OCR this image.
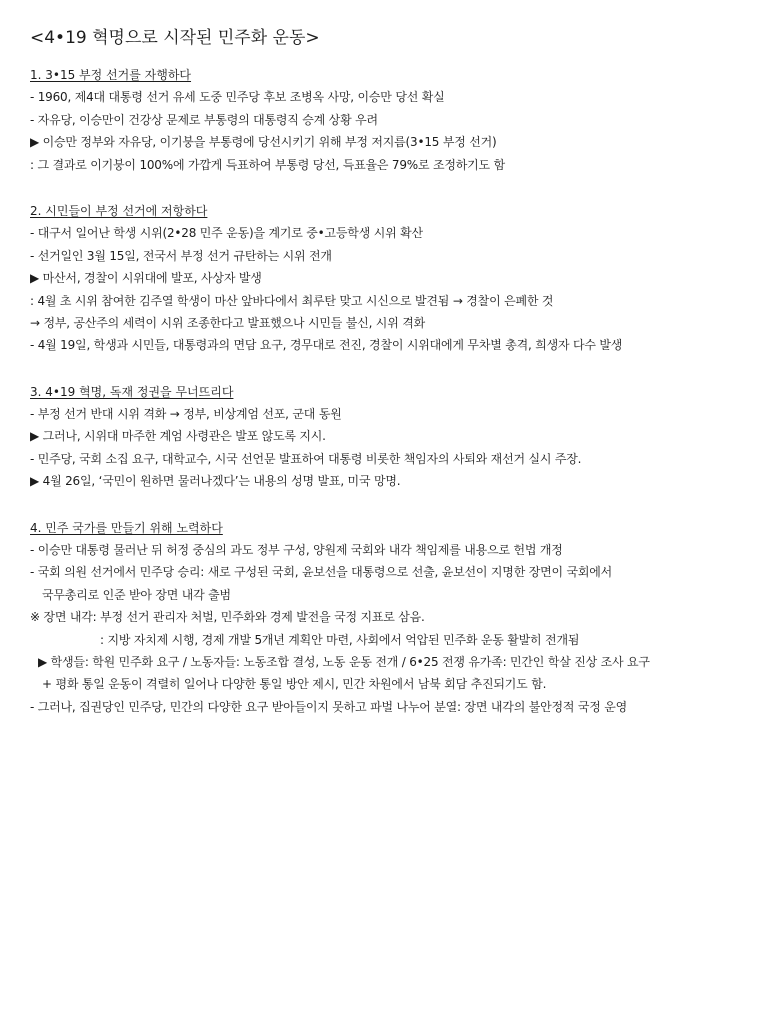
<4•19 혁명으로 시작된 민주화 운동>
1. 3•15 부정 선거를 자행하다
- 1960, 제4대 대통령 선거 유세 도중 민주당 후보 조병옥 사망, 이승만 당선 확실
- 자유당, 이승만이 건강상 문제로 부통령의 대통령직 승계 상황 우려
▶ 이승만 정부와 자유당, 이기붕을 부통령에 당선시키기 위해 부정 저지름(3•15 부정 선거)
: 그 결과로 이기붕이 100%에 가깝게 득표하여 부통령 당선, 득표율은 79%로 조정하기도 함
2. 시민들이 부정 선거에 저항하다
- 대구서 일어난 학생 시위(2•28 민주 운동)을 계기로 중•고등학생 시위 확산
- 선거일인 3월 15일, 전국서 부정 선거 규탄하는 시위 전개
▶ 마산서, 경찰이 시위대에 발포, 사상자 발생
: 4월 초 시위 참여한 김주열 학생이 마산 앞바다에서 최루탄 맞고 시신으로 발견됨 → 경찰이 은폐한 것
→ 정부, 공산주의 세력이 시위 조종한다고 발표했으나 시민들 불신, 시위 격화
- 4월 19일, 학생과 시민들, 대통령과의 면담 요구, 경무대로 전진, 경찰이 시위대에게 무차별 총격, 희생자 다수 발생
3. 4•19 혁명, 독재 정권을 무너뜨리다
- 부정 선거 반대 시위 격화 → 정부, 비상계엄 선포, 군대 동원
▶ 그러나, 시위대 마주한 계엄 사령관은 발포 않도록 지시.
- 민주당, 국회 소집 요구, 대학교수, 시국 선언문 발표하여 대통령 비롯한 책임자의 사퇴와 재선거 실시 주장.
▶ 4월 26일, ‘국민이 원하면 물러나겠다’는 내용의 성명 발표, 미국 망명.
4. 민주 국가를 만들기 위해 노력하다
- 이승만 대통령 물러난 뒤 허정 중심의 과도 정부 구성, 양원제 국회와 내각 책임제를 내용으로 헌법 개정
- 국회 의원 선거에서 민주당 승리: 새로 구성된 국회, 윤보선을 대통령으로 선출, 윤보선이 지명한 장면이 국회에서
국무총리로 인준 받아 장면 내각 출범
※ 장면 내각: 부정 선거 관리자 처벌, 민주화와 경제 발전을 국정 지표로 삼음.
: 지방 자치제 시행, 경제 개발 5개년 계획안 마련, 사회에서 억압된 민주화 운동 활발히 전개됨
▶ 학생들: 학원 민주화 요구 / 노동자들: 노동조합 결성, 노동 운동 전개 / 6•25 전쟁 유가족: 민간인 학살 진상 조사 요구
+ 평화 통일 운동이 격렬히 일어나 다양한 통일 방안 제시, 민간 차원에서 남북 회담 추진되기도 함.
- 그러나, 집권당인 민주당, 민간의 다양한 요구 받아들이지 못하고 파벌 나누어 분열: 장면 내각의 불안정적 국정 운영
